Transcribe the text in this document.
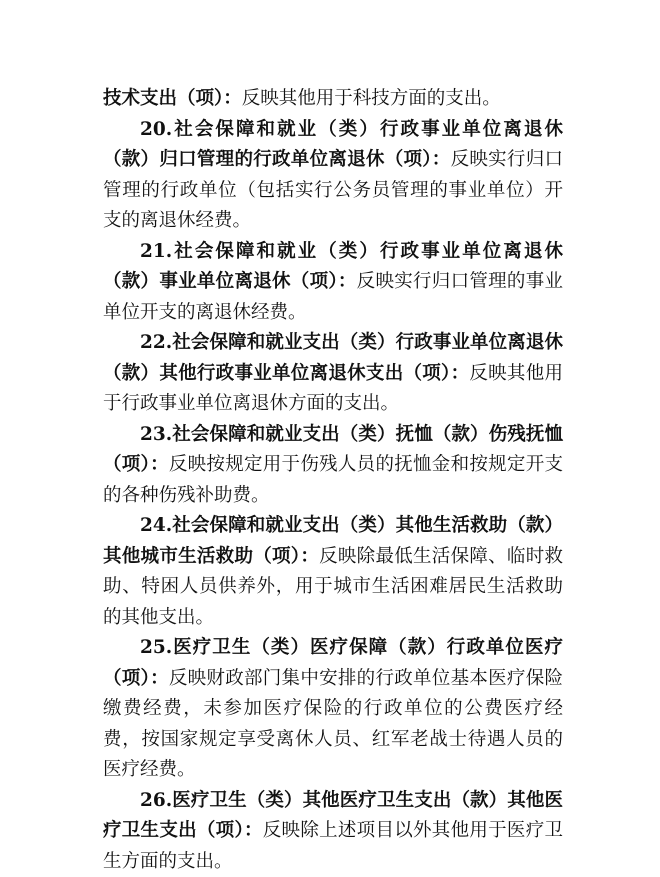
技术支出（项）：反映其他用于科技方面的支出。

20.社会保障和就业（类）行政事业单位离退休（款）归口管理的行政单位离退休（项）：反映实行归口管理的行政单位（包括实行公务员管理的事业单位）开支的离退休经费。

21.社会保障和就业（类）行政事业单位离退休（款）事业单位离退休（项）：反映实行归口管理的事业单位开支的离退休经费。

22.社会保障和就业支出（类）行政事业单位离退休（款）其他行政事业单位离退休支出（项）：反映其他用于行政事业单位离退休方面的支出。

23.社会保障和就业支出（类）抚恤（款）伤残抚恤（项）：反映按规定用于伤残人员的抚恤金和按规定开支的各种伤残补助费。

24.社会保障和就业支出（类）其他生活救助（款）其他城市生活救助（项）：反映除最低生活保障、临时救助、特困人员供养外，用于城市生活困难居民生活救助的其他支出。

25.医疗卫生（类）医疗保障（款）行政单位医疗（项）：反映财政部门集中安排的行政单位基本医疗保险缴费经费，未参加医疗保险的行政单位的公费医疗经费，按国家规定享受离休人员、红军老战士待遇人员的医疗经费。

26.医疗卫生（类）其他医疗卫生支出（款）其他医疗卫生支出（项）：反映除上述项目以外其他用于医疗卫生方面的支出。
